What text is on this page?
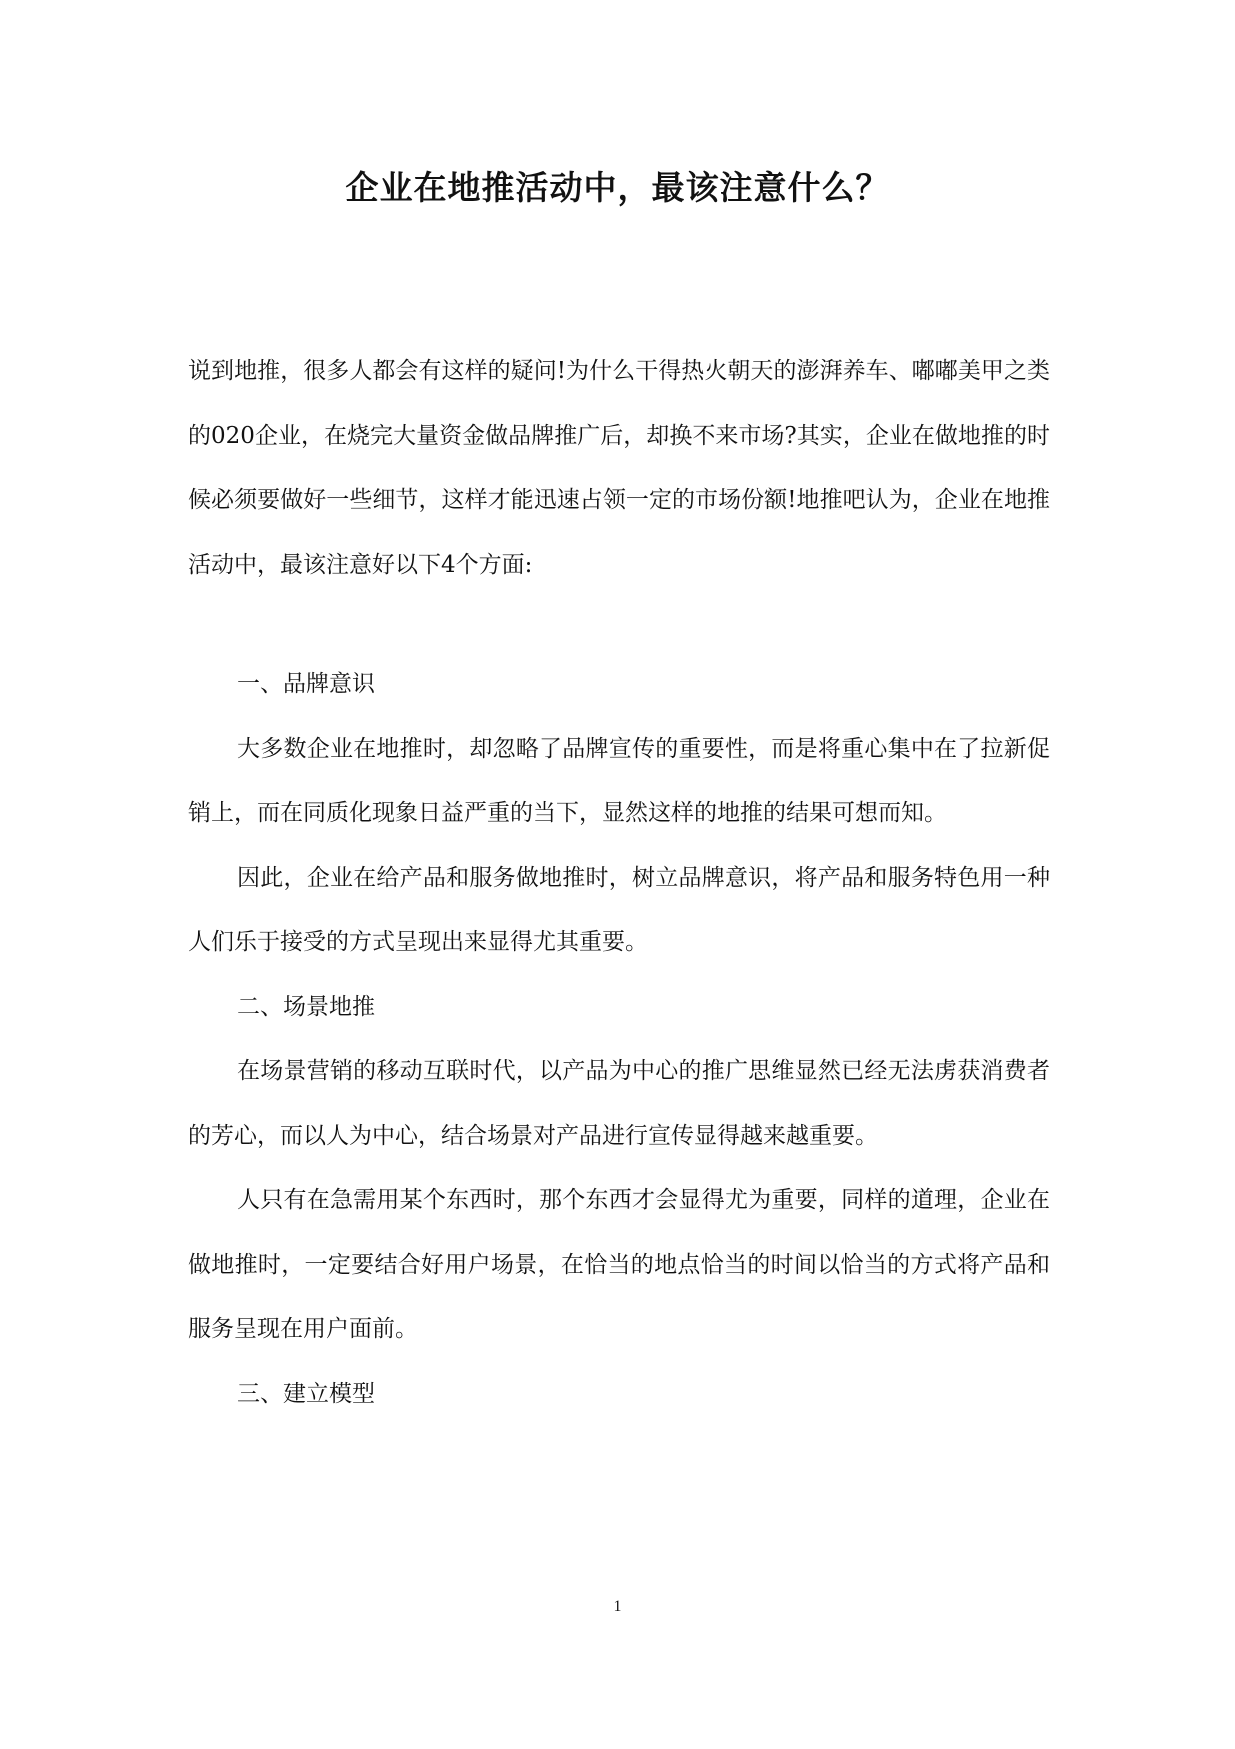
企业在地推活动中，最该注意什么？

说到地推，很多人都会有这样的疑问!为什么干得热火朝天的澎湃养车、嘟嘟美甲之类的020企业，在烧完大量资金做品牌推广后，却换不来市场?其实，企业在做地推的时候必须要做好一些细节，这样才能迅速占领一定的市场份额!地推吧认为，企业在地推活动中，最该注意好以下4个方面:

一、品牌意识

大多数企业在地推时，却忽略了品牌宣传的重要性，而是将重心集中在了拉新促销上，而在同质化现象日益严重的当下，显然这样的地推的结果可想而知。

因此，企业在给产品和服务做地推时，树立品牌意识，将产品和服务特色用一种人们乐于接受的方式呈现出来显得尤其重要。

二、场景地推

在场景营销的移动互联时代，以产品为中心的推广思维显然已经无法虏获消费者的芳心，而以人为中心，结合场景对产品进行宣传显得越来越重要。

人只有在急需用某个东西时，那个东西才会显得尤为重要，同样的道理，企业在做地推时，一定要结合好用户场景，在恰当的地点恰当的时间以恰当的方式将产品和服务呈现在用户面前。

三、建立模型

1
